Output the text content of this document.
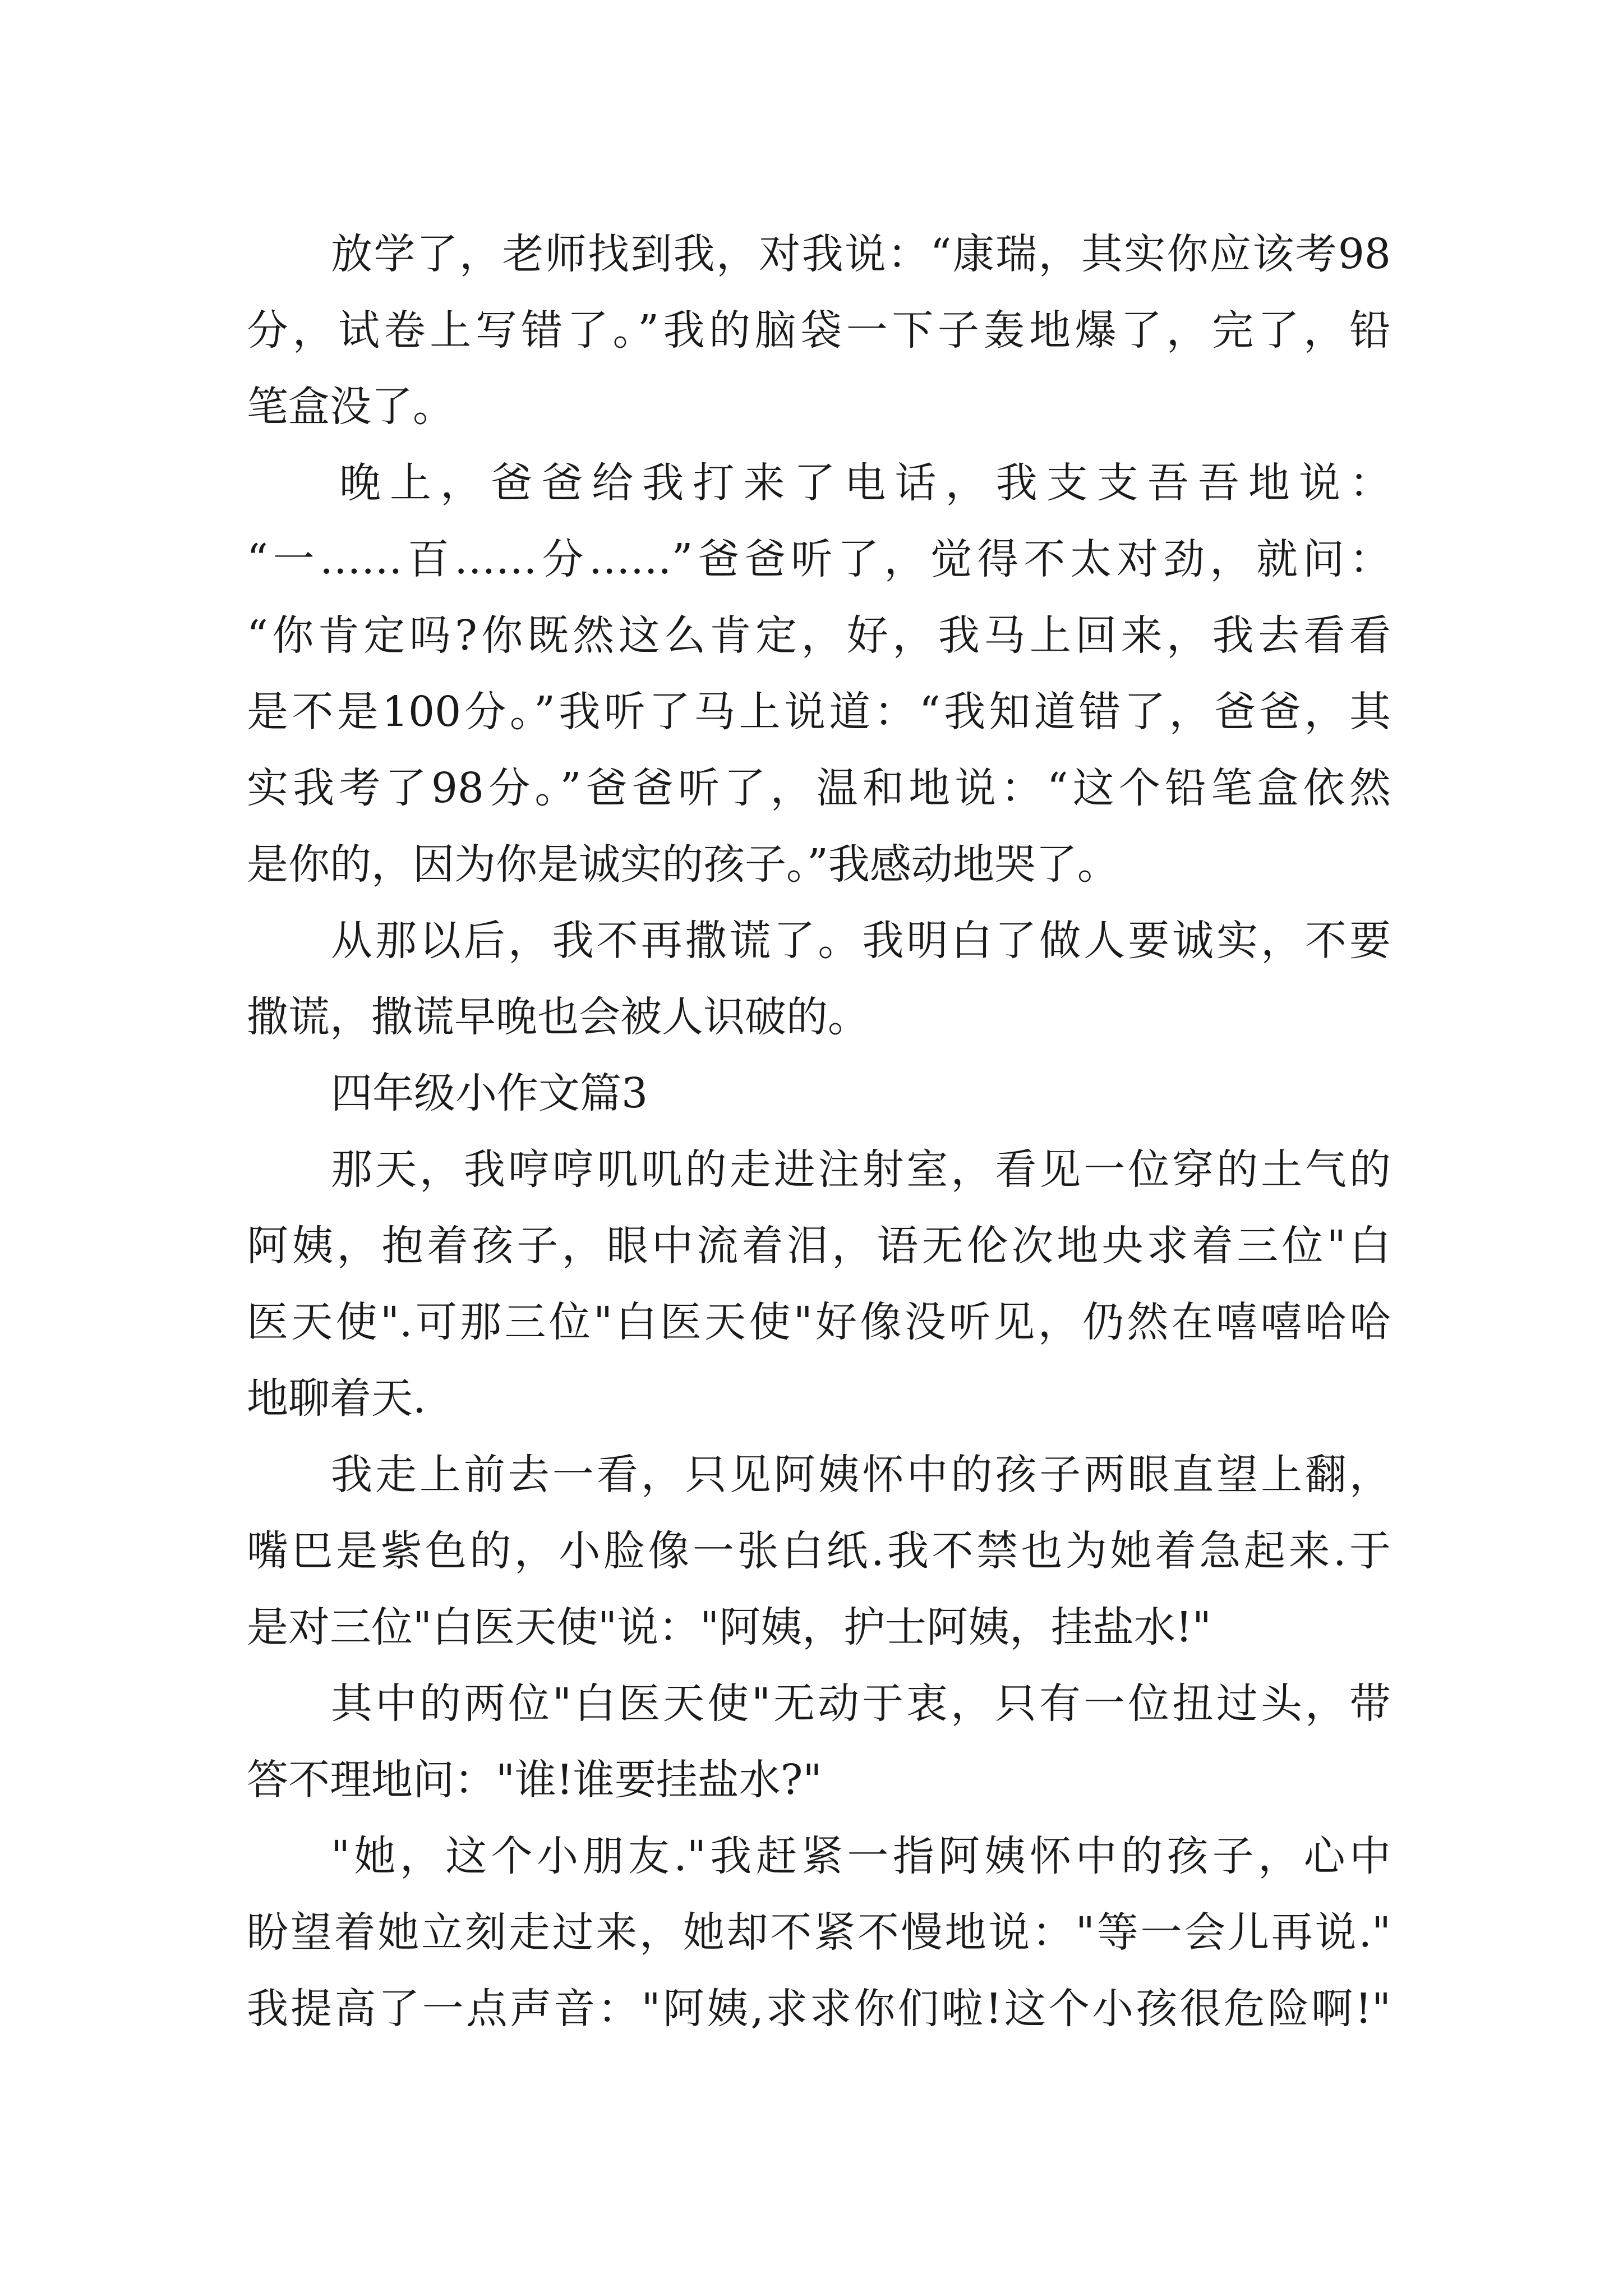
放学了，老师找到我，对我说：“康瑞，其实你应该考98
分，试卷上写错了。”我的脑袋一下子轰地爆了，完了，铅
笔盒没了。
晚上，爸爸给我打来了电话，我支支吾吾地说：
“一……百……分……”爸爸听了，觉得不太对劲，就问：
“你肯定吗?你既然这么肯定，好，我马上回来，我去看看
是不是100分。”我听了马上说道：“我知道错了，爸爸，其
实我考了98分。”爸爸听了，温和地说：“这个铅笔盒依然
是你的，因为你是诚实的孩子。”我感动地哭了。
从那以后，我不再撒谎了。我明白了做人要诚实，不要
撒谎，撒谎早晚也会被人识破的。
四年级小作文篇3
那天，我哼哼叽叽的走进注射室，看见一位穿的土气的
阿姨，抱着孩子，眼中流着泪，语无伦次地央求着三位"白
医天使".可那三位"白医天使"好像没听见，仍然在嘻嘻哈哈
地聊着天.
我走上前去一看，只见阿姨怀中的孩子两眼直望上翻，
嘴巴是紫色的，小脸像一张白纸.我不禁也为她着急起来.于
是对三位"白医天使"说："阿姨，护士阿姨，挂盐水!"
其中的两位"白医天使"无动于衷，只有一位扭过头，带
答不理地问："谁!谁要挂盐水?"
"她，这个小朋友."我赶紧一指阿姨怀中的孩子，心中
盼望着她立刻走过来，她却不紧不慢地说："等一会儿再说."
我提高了一点声音："阿姨,求求你们啦!这个小孩很危险啊!"
